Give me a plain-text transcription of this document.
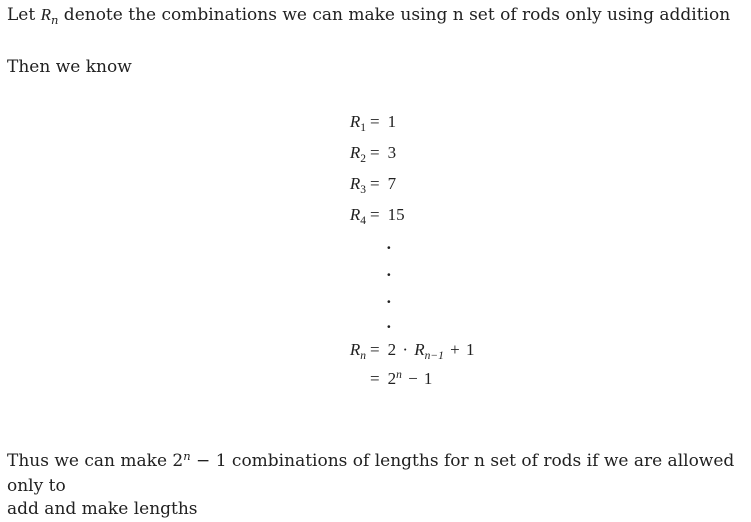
Let $R_n$ denote the combinations we can make using n set of rods only using addition

Then we know

$R_1 = 1$
$R_2 = 3$
$R_3 = 7$
$R_4 = 15$
·
·
·
·
$R_n = 2 \cdot R_{n-1} + 1$
= $2^n - 1$

Thus we can make $2^n - 1$ combinations of lengths for n set of rods if we are allowed only to
add and make lengths
